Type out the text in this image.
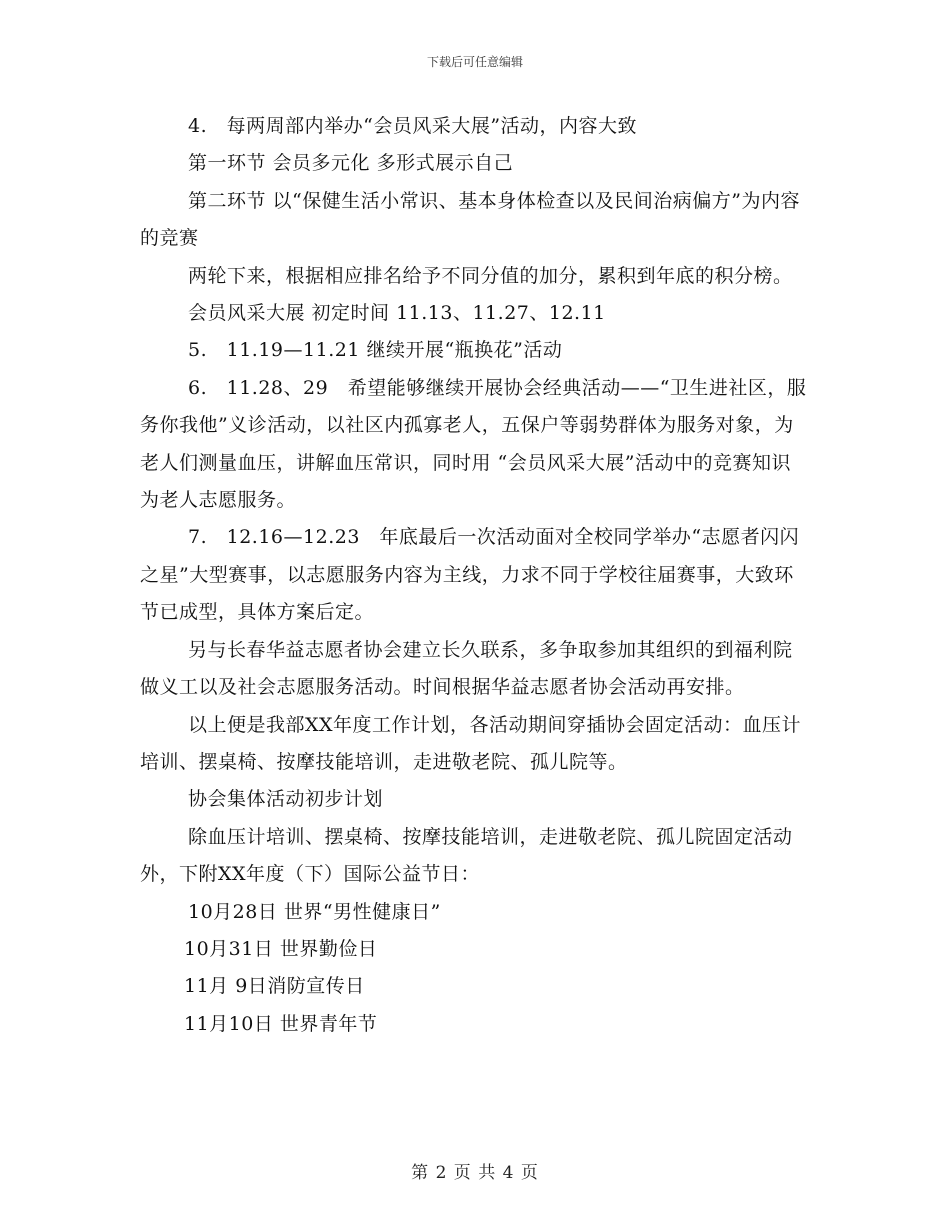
下载后可任意编辑

4.　每两周部内举办“会员风采大展”活动，内容大致

第一环节 会员多元化 多形式展示自己

第二环节 以“保健生活小常识、基本身体检查以及民间治病偏方”为内容的竞赛

两轮下来，根据相应排名给予不同分值的加分，累积到年底的积分榜。

会员风采大展 初定时间 11.13、11.27、12.11

5.　11.19—11.21 继续开展“瓶换花”活动

6.　11.28、29　希望能够继续开展协会经典活动——“卫生进社区，服务你我他”义诊活动，以社区内孤寡老人，五保户等弱势群体为服务对象，为老人们测量血压，讲解血压常识，同时用 “会员风采大展”活动中的竞赛知识为老人志愿服务。

7.　12.16—12.23　年底最后一次活动面对全校同学举办“志愿者闪闪之星”大型赛事，以志愿服务内容为主线，力求不同于学校往届赛事，大致环节已成型，具体方案后定。

另与长春华益志愿者协会建立长久联系，多争取参加其组织的到福利院做义工以及社会志愿服务活动。时间根据华益志愿者协会活动再安排。

以上便是我部XX年度工作计划，各活动期间穿插协会固定活动：血压计培训、摆桌椅、按摩技能培训，走进敬老院、孤儿院等。

协会集体活动初步计划

除血压计培训、摆桌椅、按摩技能培训，走进敬老院、孤儿院固定活动外，下附XX年度（下）国际公益节日：

10月28日 世界“男性健康日”

10月31日 世界勤俭日

11月 9日消防宣传日

11月10日 世界青年节

第 2 页 共 4 页
